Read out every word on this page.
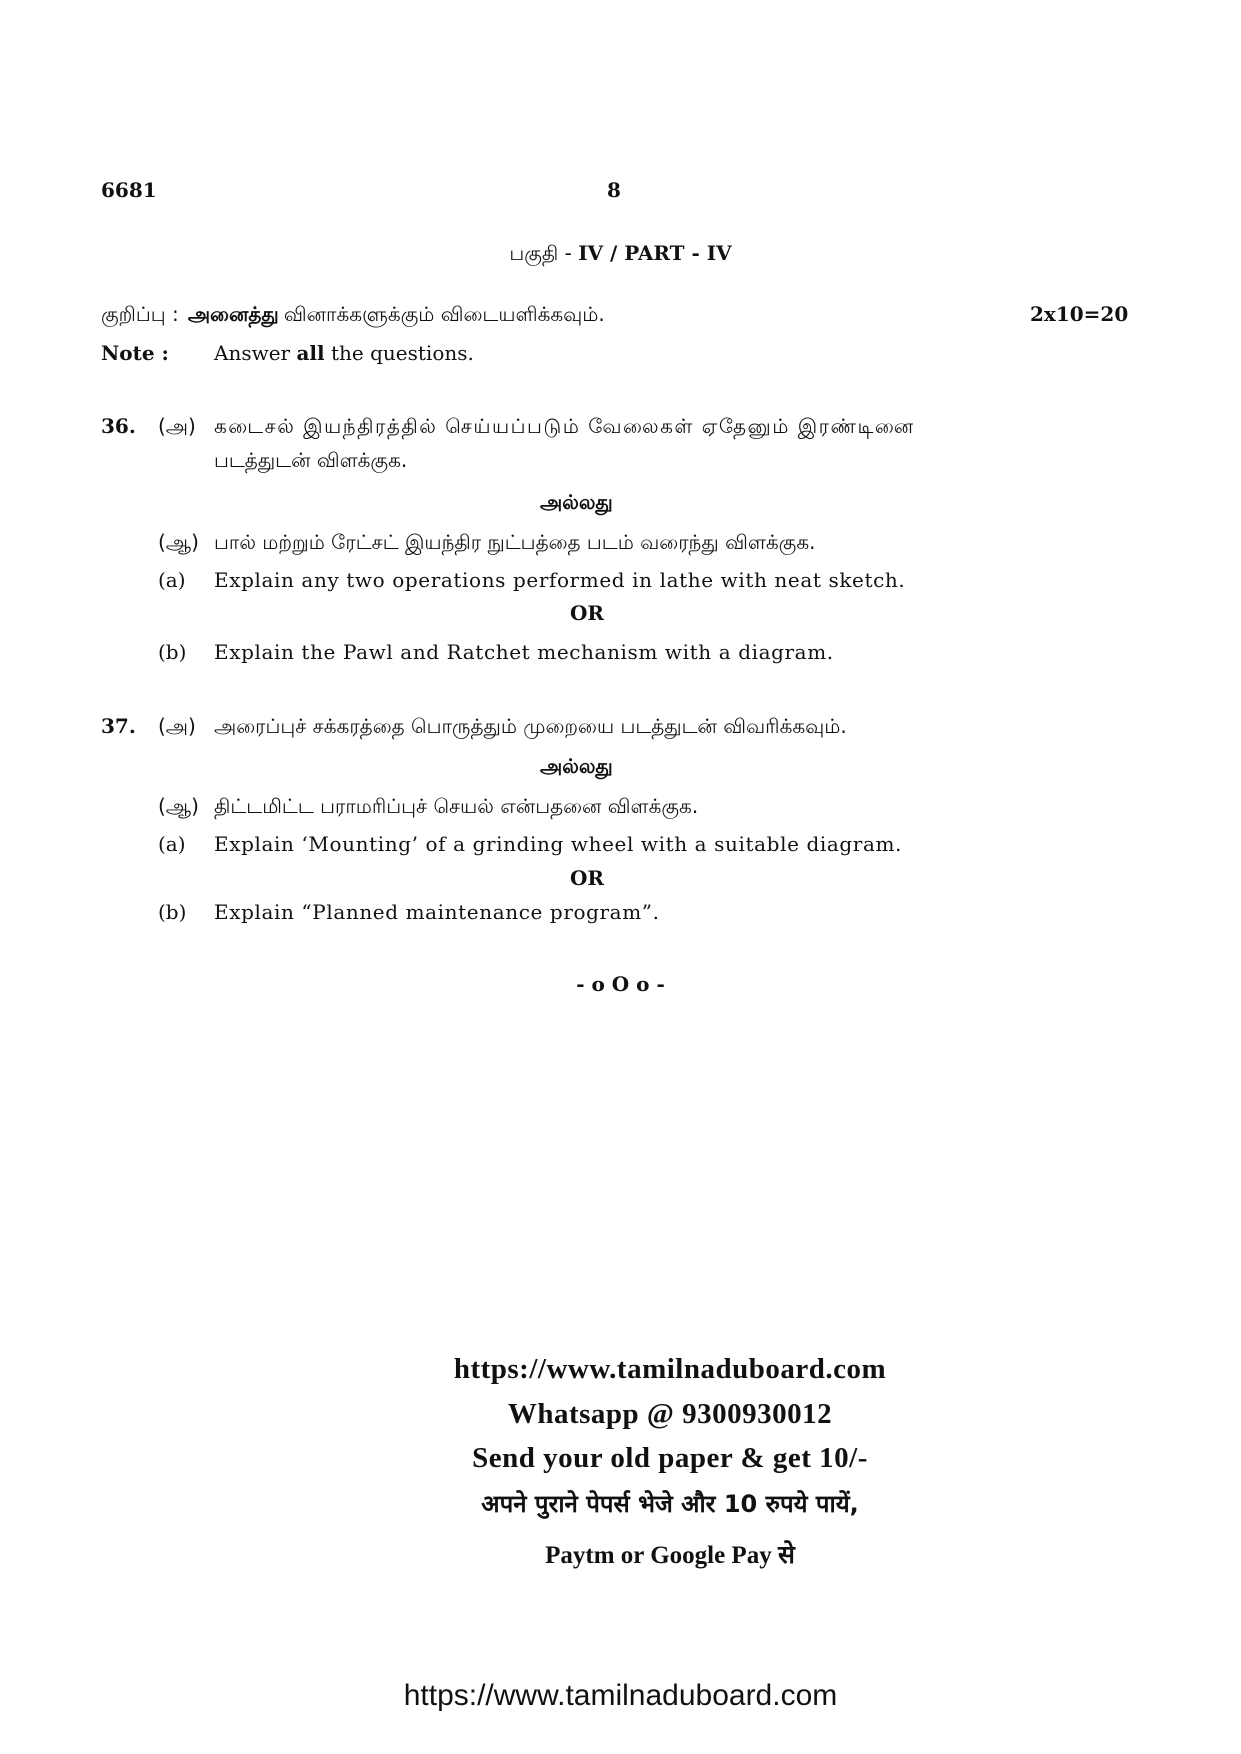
6681	8
பகுதி - IV / PART - IV
குறிப்பு : அனைத்து வினாக்களுக்கும் விடையளிக்கவும்.	2x10=20
Note : Answer all the questions.
36. (அ) கடைசல் இயந்திரத்தில் செய்யப்படும் வேலைகள் ஏதேனும் இரண்டினை
படத்துடன் விளக்குக.
அல்லது
(ஆ) பால் மற்றும் ரேட்சட் இயந்திர நுட்பத்தை படம் வரைந்து விளக்குக.
(a) Explain any two operations performed in lathe with neat sketch.
OR
(b) Explain the Pawl and Ratchet mechanism with a diagram.
37. (அ) அரைப்புச் சக்கரத்தை பொருத்தும் முறையை படத்துடன் விவரிக்கவும்.
அல்லது
(ஆ) திட்டமிட்ட பராமரிப்புச் செயல் என்பதனை விளக்குக.
(a) Explain ‘Mounting’ of a grinding wheel with a suitable diagram.
OR
(b) Explain “Planned maintenance program”.
- o O o -
https://www.tamilnaduboard.com
Whatsapp @ 9300930012
Send your old paper & get 10/-
अपने पुराने पेपर्स भेजे और 10 रुपये पायें,
Paytm or Google Pay से
https://www.tamilnaduboard.com
